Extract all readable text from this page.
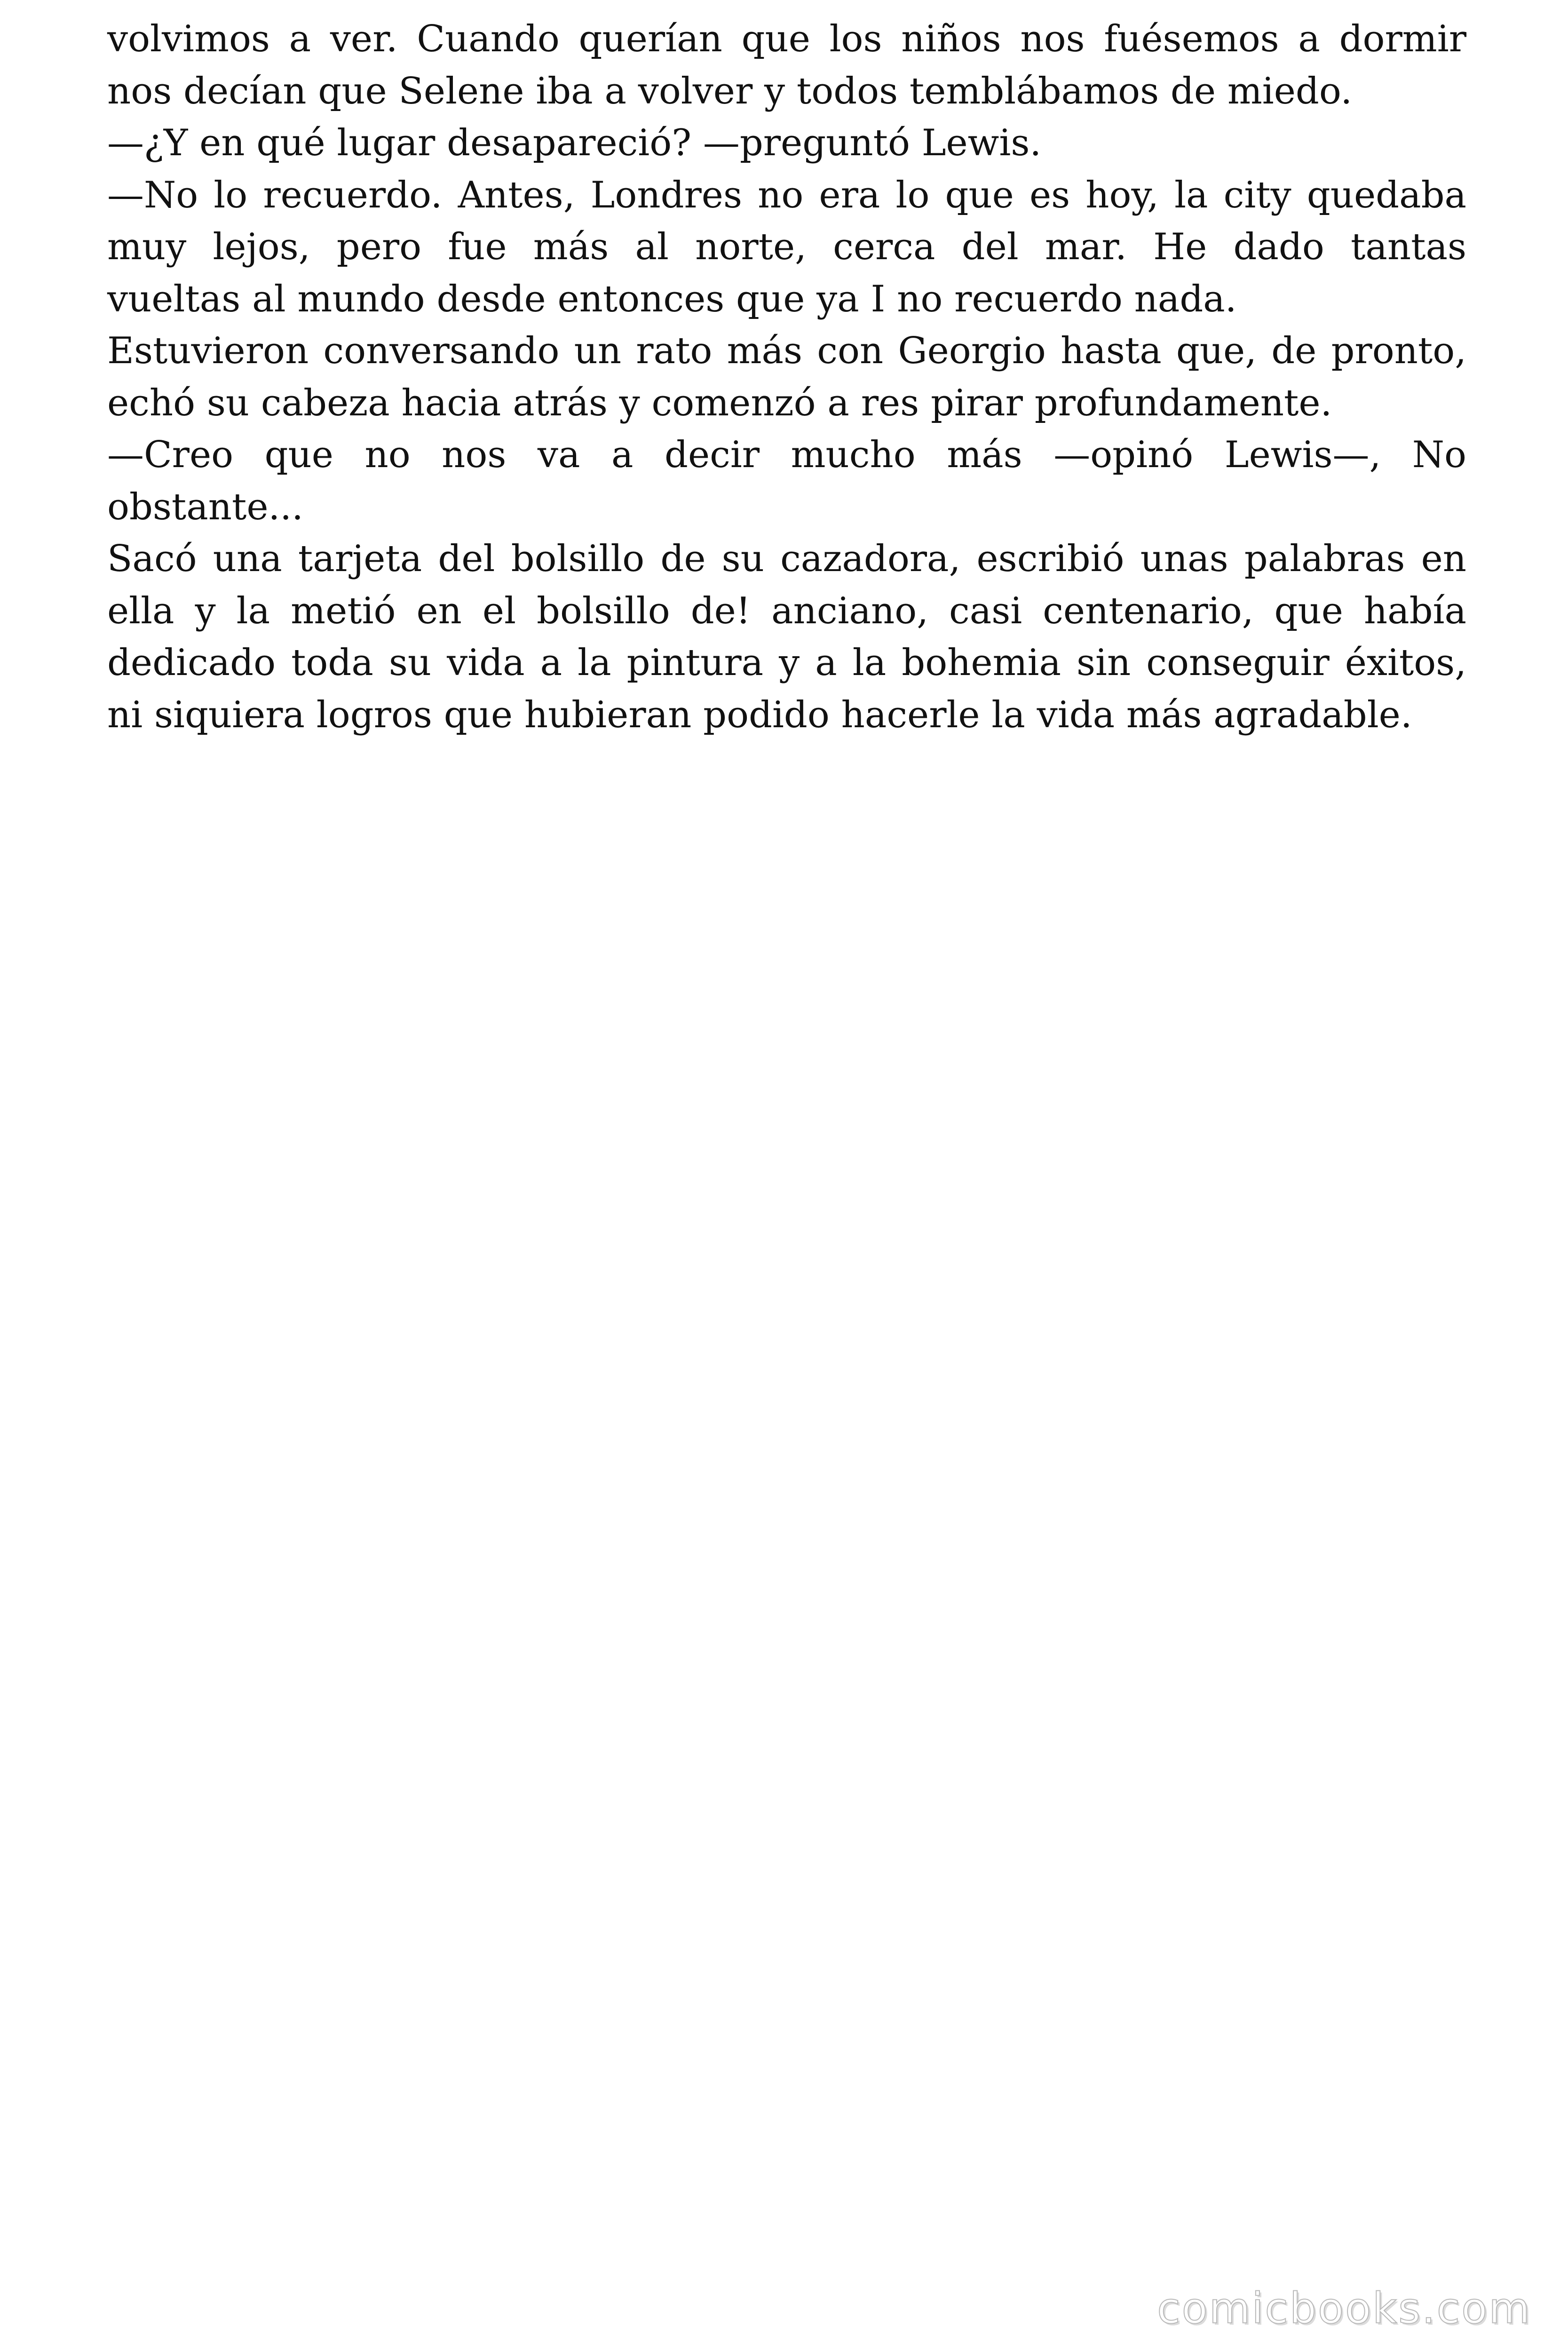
volvimos a ver. Cuando querían que los niños nos fuésemos a dormir
nos decían que Selene iba a volver y todos temblábamos de miedo.
—¿Y en qué lugar desapareció? —preguntó Lewis.
—No lo recuerdo. Antes, Londres no era lo que es hoy, la city quedaba
muy lejos, pero fue más al norte, cerca del mar. He dado tantas
vueltas al mundo desde entonces que ya I no recuerdo nada.
Estuvieron conversando un rato más con Georgio hasta que, de pronto,
echó su cabeza hacia atrás y comenzó a res pirar profundamente.
—Creo que no nos va a decir mucho más —opinó Lewis—, No
obstante...
Sacó una tarjeta del bolsillo de su cazadora, escribió unas palabras en
ella y la metió en el bolsillo de! anciano, casi centenario, que había
dedicado toda su vida a la pintura y a la bohemia sin conseguir éxitos,
ni siquiera logros que hubieran podido hacerle la vida más agradable.
comicbooks.com
